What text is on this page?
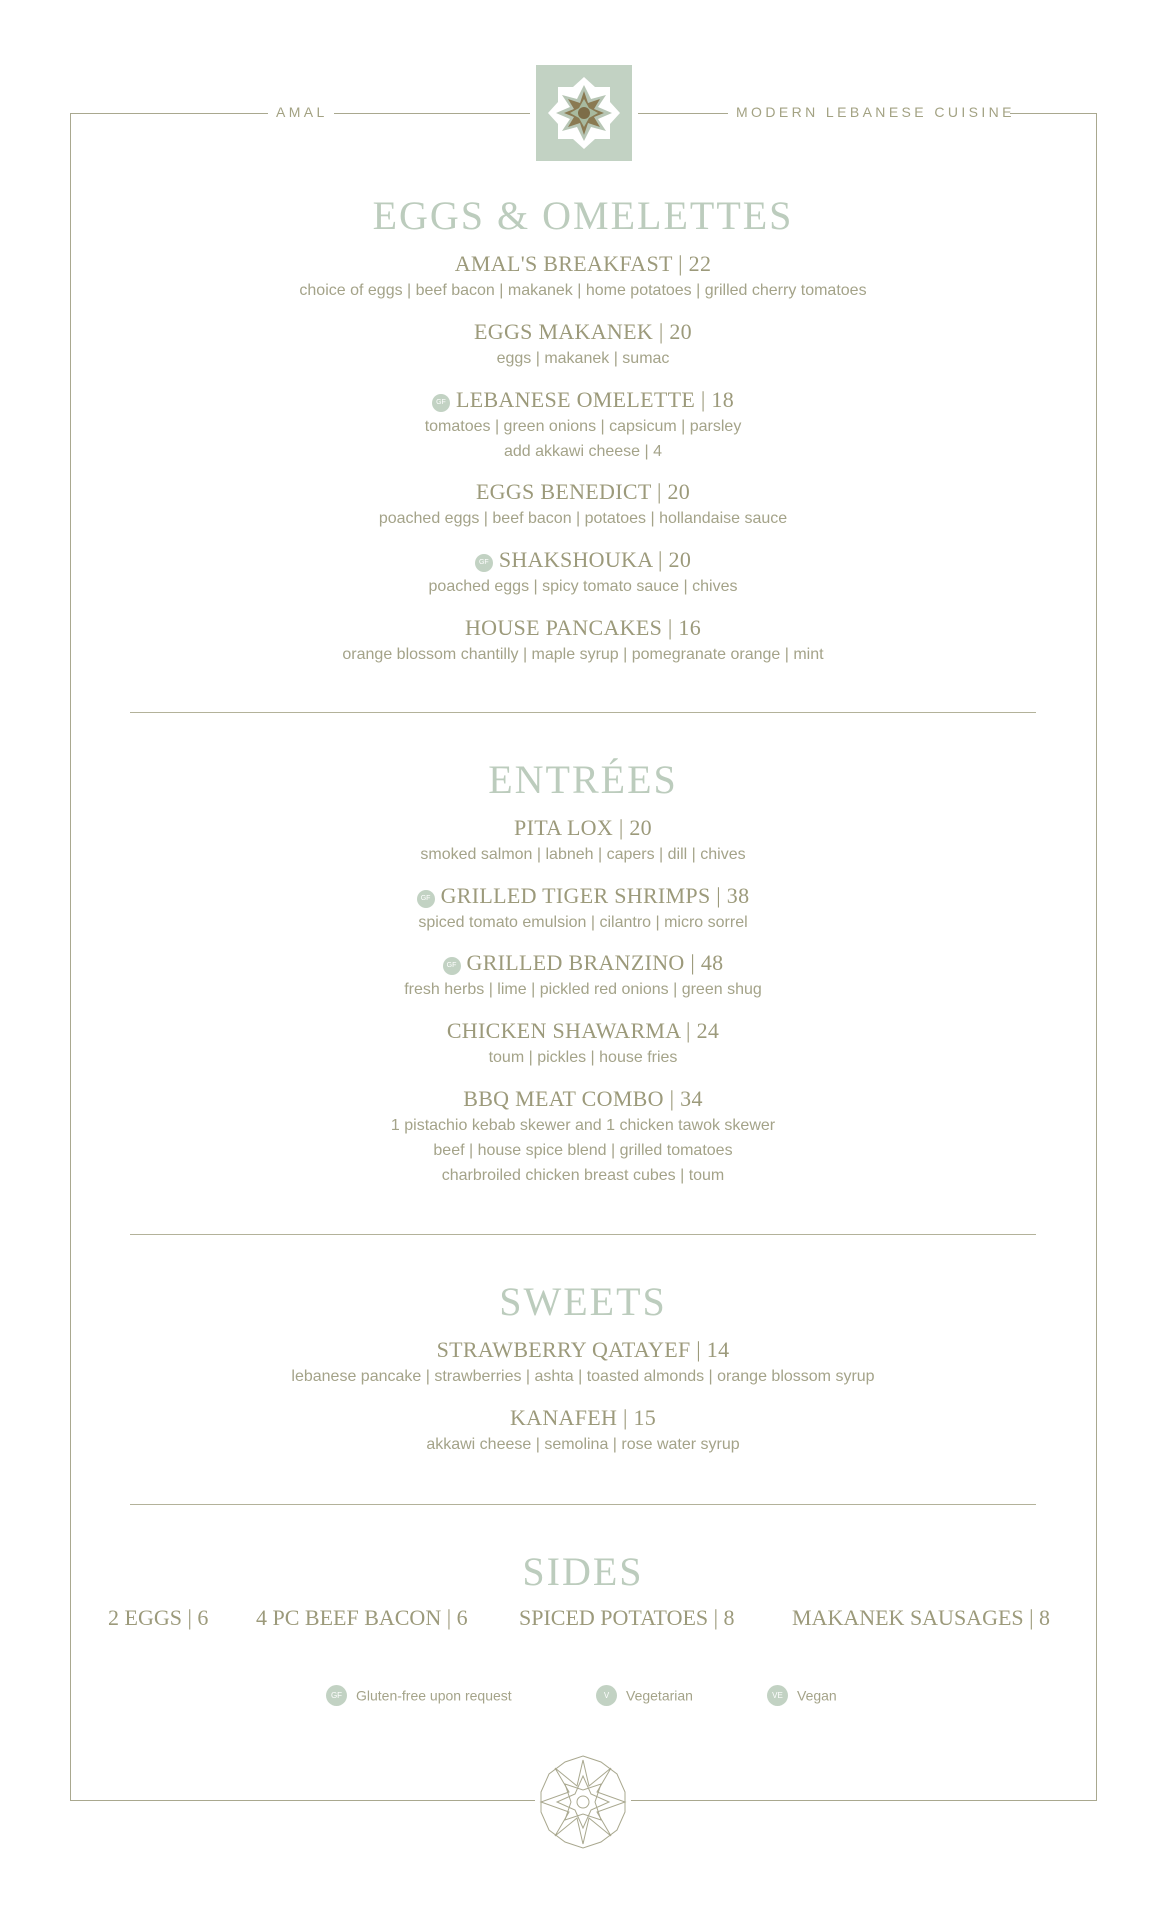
AMAL	MODERN LEBANESE CUISINE
EGGS & OMELETTES
AMAL'S BREAKFAST | 22
choice of eggs | beef bacon | makanek | home potatoes | grilled cherry tomatoes
EGGS MAKANEK | 20
eggs | makanek | sumac
GF LEBANESE OMELETTE | 18
tomatoes | green onions | capsicum | parsley
add akkawi cheese | 4
EGGS BENEDICT | 20
poached eggs | beef bacon | potatoes | hollandaise sauce
GF SHAKSHOUKA | 20
poached eggs | spicy tomato sauce | chives
HOUSE PANCAKES | 16
orange blossom chantilly | maple syrup | pomegranate orange | mint
ENTRÉES
PITA LOX | 20
smoked salmon | labneh | capers | dill | chives
GF GRILLED TIGER SHRIMPS | 38
spiced tomato emulsion | cilantro | micro sorrel
GF GRILLED BRANZINO | 48
fresh herbs | lime | pickled red onions | green shug
CHICKEN SHAWARMA | 24
toum | pickles | house fries
BBQ MEAT COMBO | 34
1 pistachio kebab skewer and 1 chicken tawok skewer
beef | house spice blend | grilled tomatoes
charbroiled chicken breast cubes | toum
SWEETS
STRAWBERRY QATAYEF | 14
lebanese pancake | strawberries | ashta | toasted almonds | orange blossom syrup
KANAFEH | 15
akkawi cheese | semolina | rose water syrup
SIDES
2 EGGS | 6 4 PC BEEF BACON | 6 SPICED POTATOES | 8	MAKANEK SAUSAGES | 8
GF Gluten-free upon request	V Vegetarian	VE Vegan
